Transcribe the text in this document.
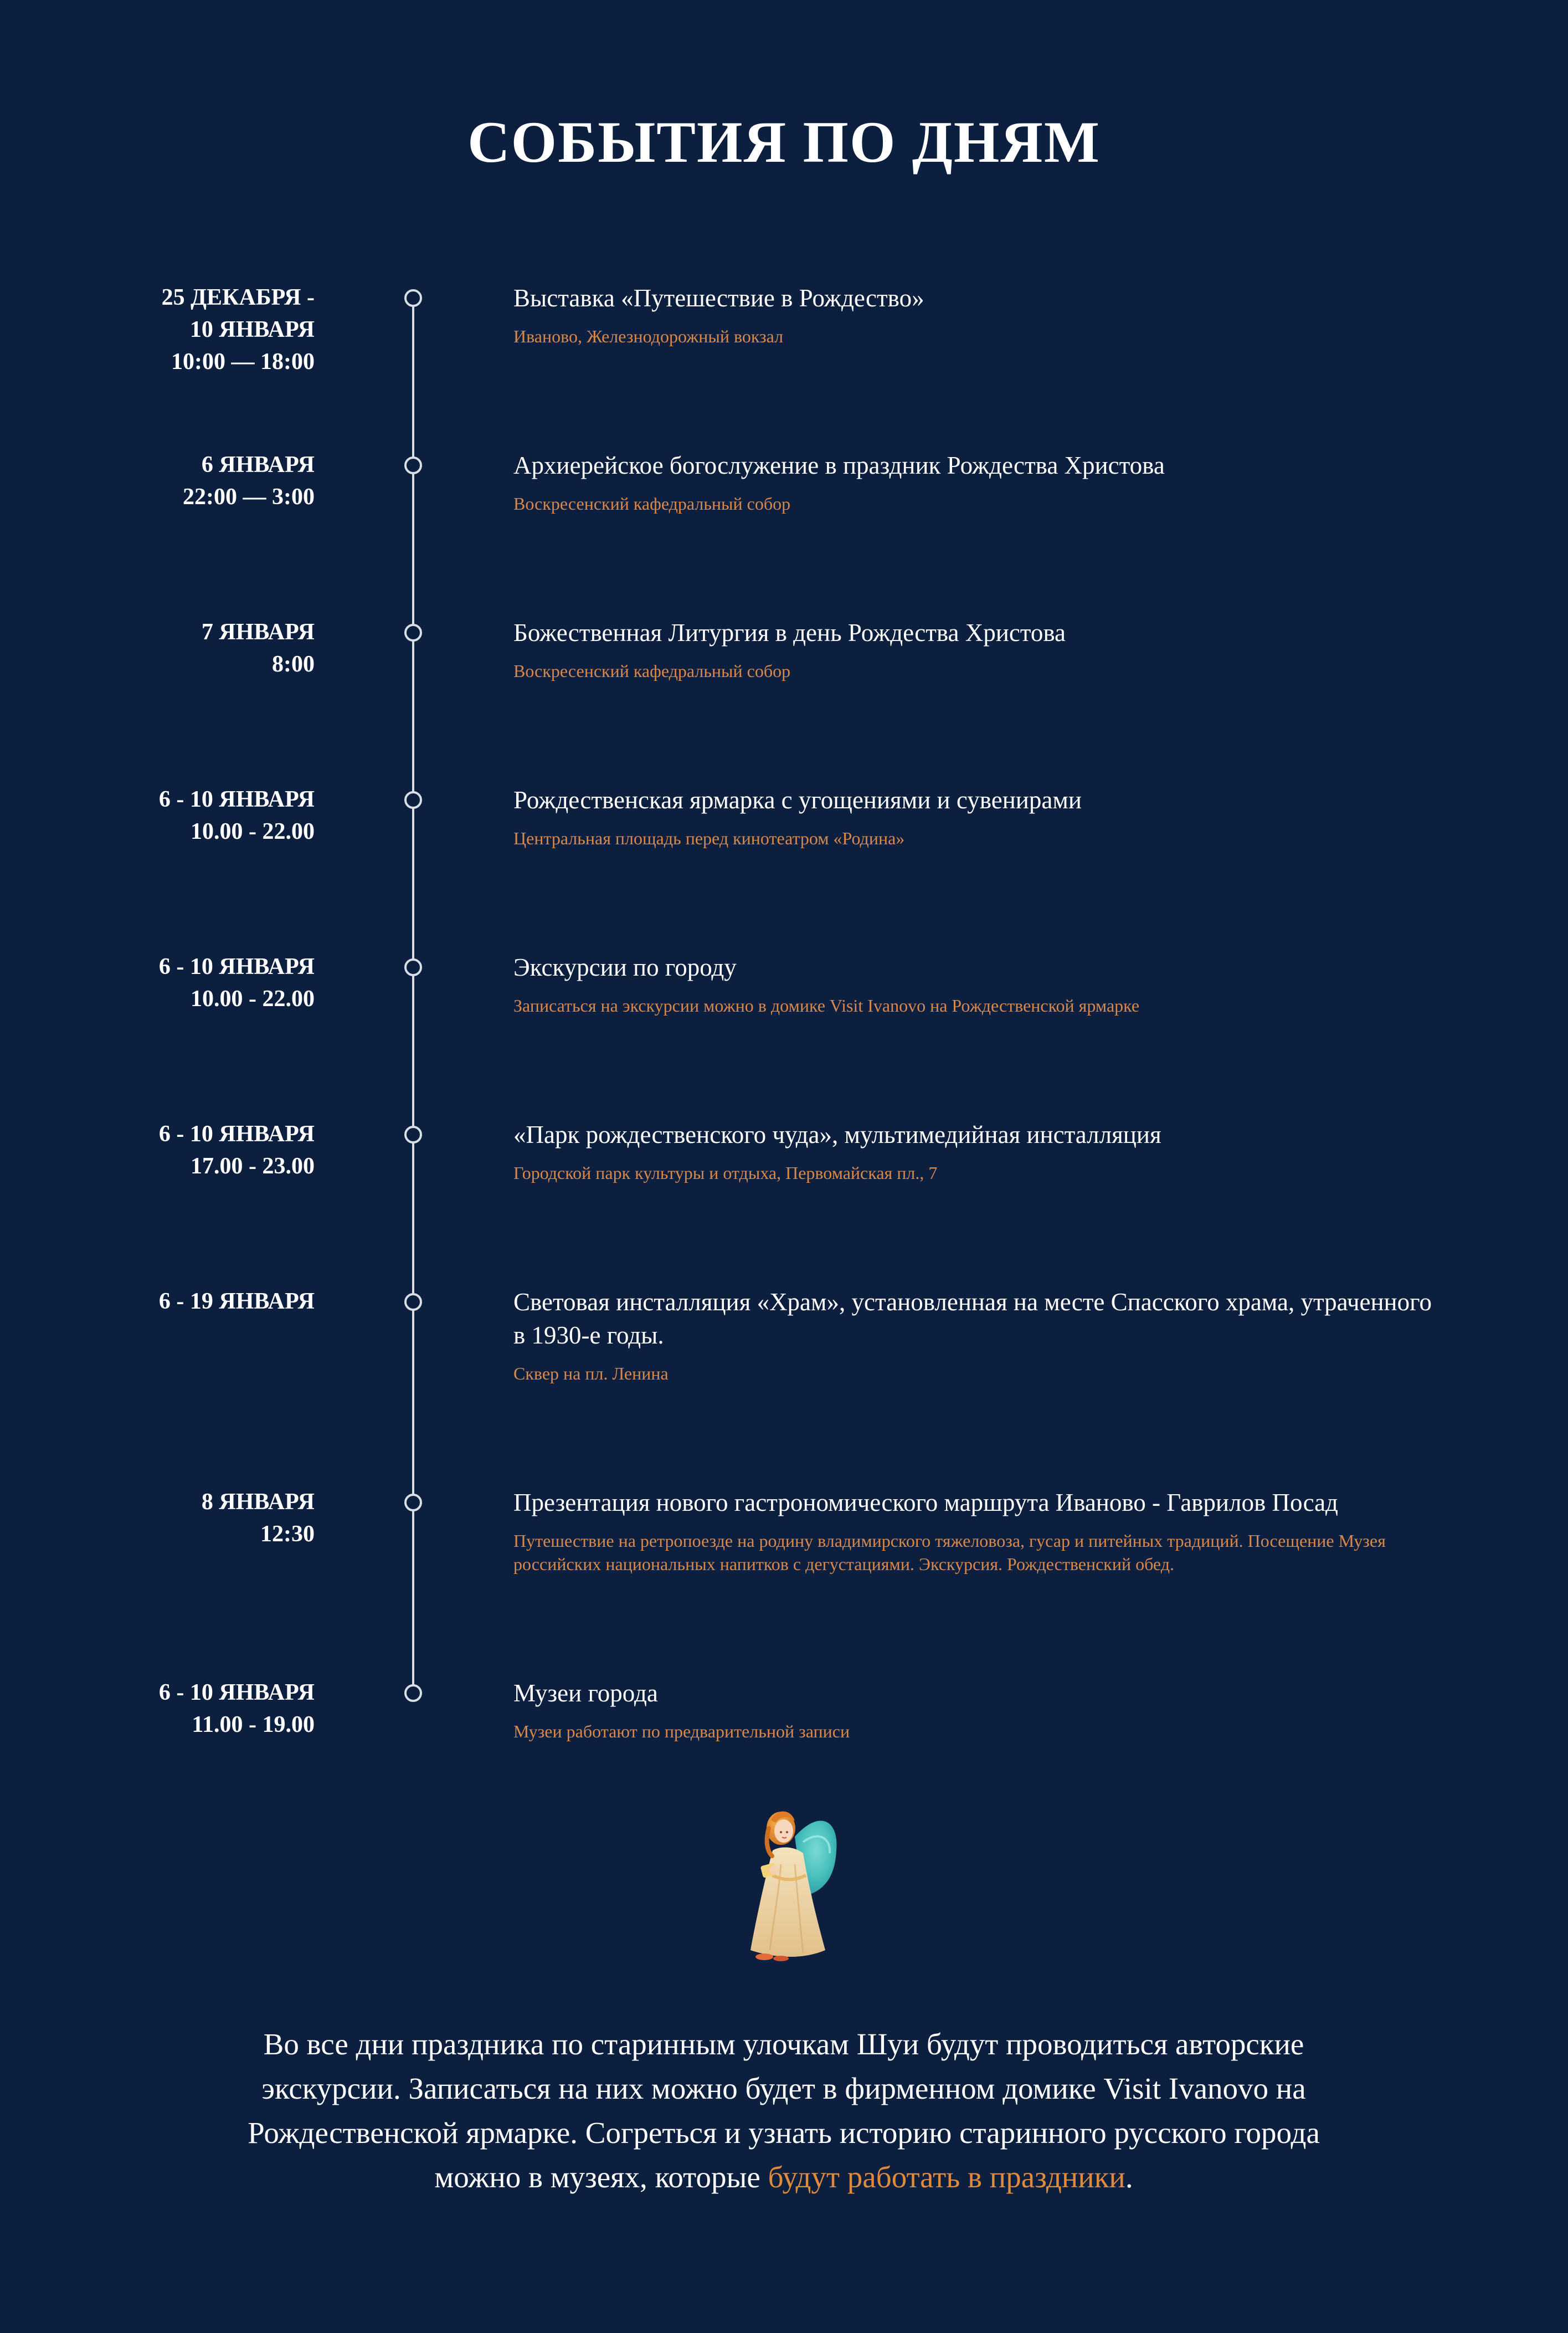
СОБЫТИЯ ПО ДНЯМ
25 ДЕКАБРЯ -
10 ЯНВАРЯ
10:00 — 18:00

Выставка «Путешествие в Рождество»

Иваново, Железнодорожный вокзал

6 ЯНВАРЯ
22:00 — 3:00

Архиерейское богослужение в праздник Рождества Христова

Воскресенский кафедральный собор

7 ЯНВАРЯ
8:00

Божественная Литургия в день Рождества Христова

Воскресенский кафедральный собор

6 - 10 ЯНВАРЯ
10.00 - 22.00

Рождественская ярмарка с угощениями и сувенирами

Центральная площадь перед кинотеатром «Родина»

6 - 10 ЯНВАРЯ
10.00 - 22.00

Экскурсии по городу

Записаться на экскурсии можно в домике Visit Ivanovo на Рождественской ярмарке

6 - 10 ЯНВАРЯ
17.00 - 23.00

«Парк рождественского чуда», мультимедийная инсталляция

Городской парк культуры и отдыха, Первомайская пл., 7

6 - 19 ЯНВАРЯ	Световая инсталляция «Храм», установленная на месте Спасского храма, утраченного в 1930-е годы.

Сквер на пл. Ленина

8 ЯНВАРЯ
12:30

Презентация нового гастрономического маршрута Иваново - Гаврилов Посад

Путешествие на ретропоезде на родину владимирского тяжеловоза, гусар и питейных традиций. Посещение Музея российских национальных напитков с дегустациями. Экскурсия. Рождественский обед.

6 - 10 ЯНВАРЯ
11.00 - 19.00

Музеи города

Музеи работают по предварительной записи

Во все дни праздника по старинным улочкам Шуи будут проводиться авторские экскурсии. Записаться на них можно будет в фирменном домике Visit Ivanovo на Рождественской ярмарке. Согреться и узнать историю старинного русского города можно в музеях, которые будут работать в праздники.
